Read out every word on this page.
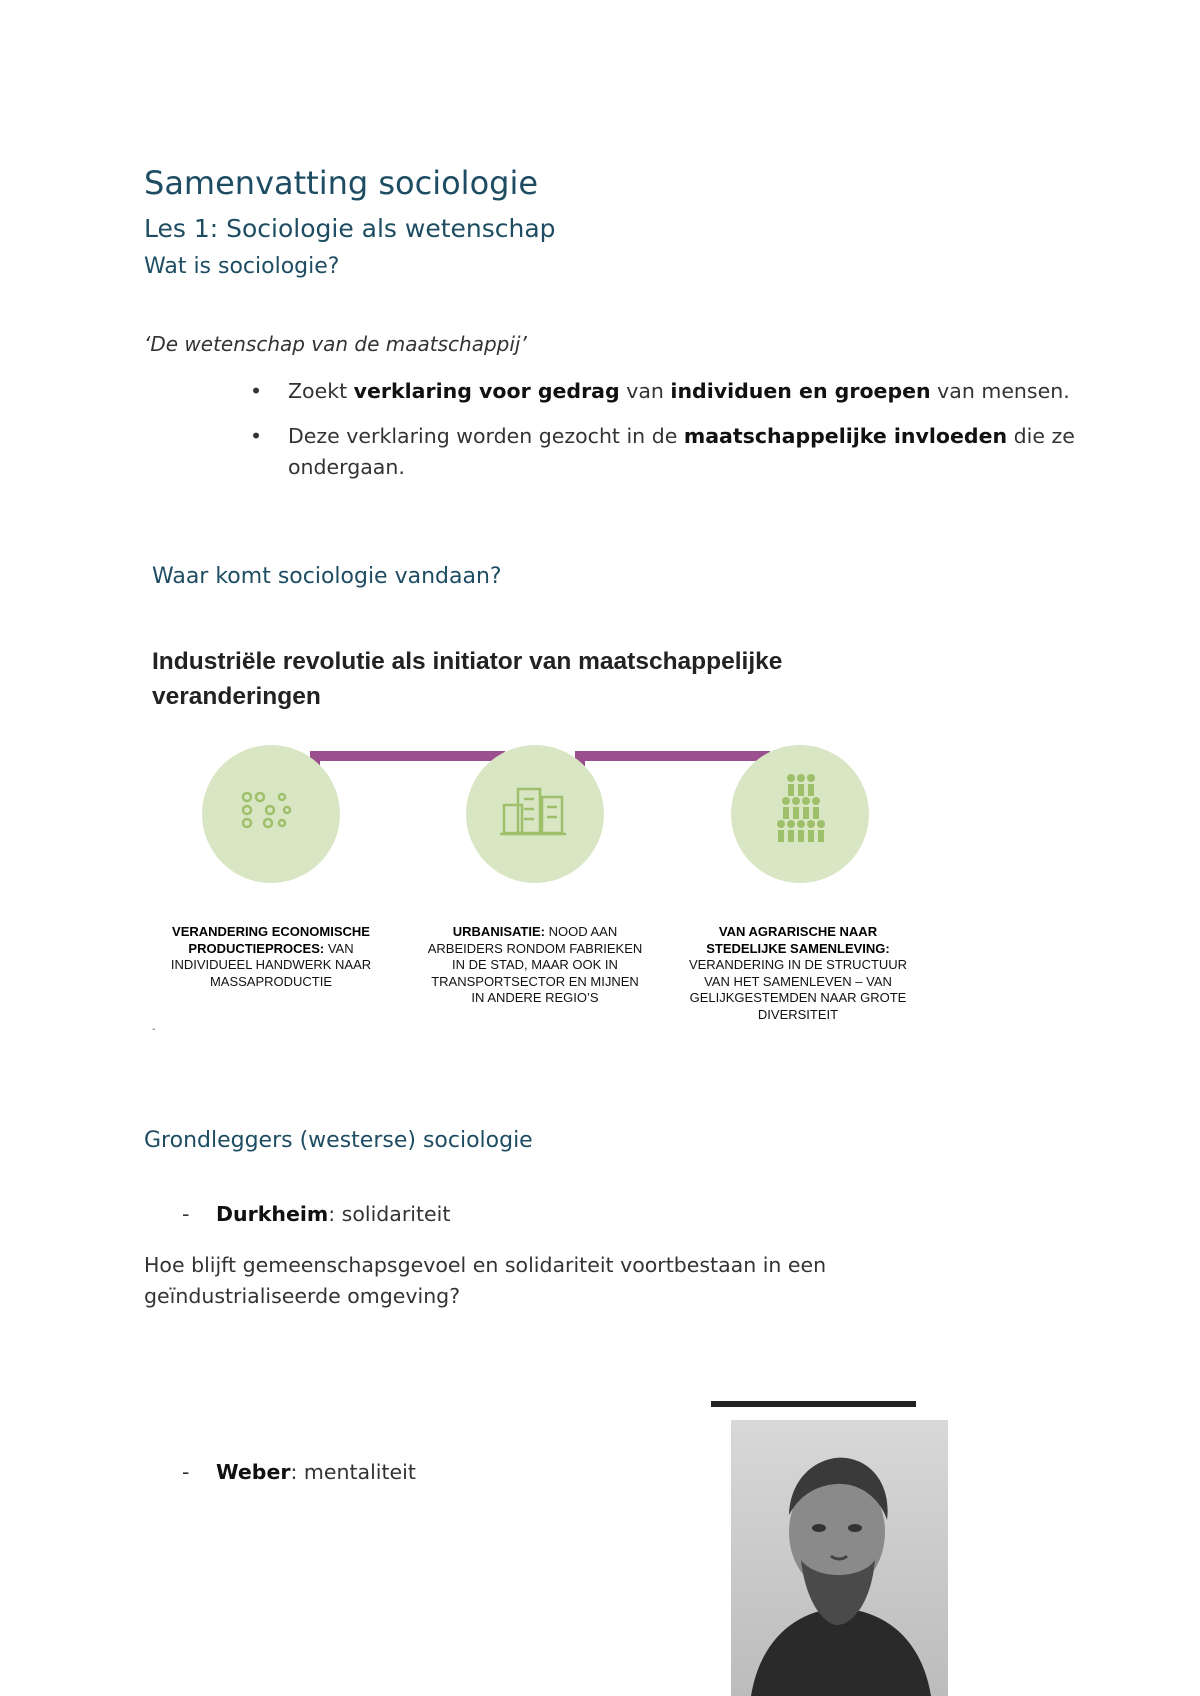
Samenvatting sociologie
Les 1: Sociologie als wetenschap
Wat is sociologie?
‘De wetenschap van de maatschappij’
• Zoekt verklaring voor gedrag van individuen en groepen van mensen.
• Deze verklaring worden gezocht in de maatschappelijke invloeden die ze ondergaan.
Waar komt sociologie vandaan?
Industriële revolutie als initiator van maatschappelijke veranderingen
VERANDERING ECONOMISCHE PRODUCTIEPROCES: VAN INDIVIDUEEL HANDWERK NAAR MASSAPRODUCTIE
URBANISATIE: NOOD AAN ARBEIDERS RONDOM FABRIEKEN IN DE STAD, MAAR OOK IN TRANSPORTSECTOR EN MIJNEN IN ANDERE REGIO’S
VAN AGRARISCHE NAAR STEDELIJKE SAMENLEVING: VERANDERING IN DE STRUCTUUR VAN HET SAMENLEVEN – VAN GELIJKGESTEMDEN NAAR GROTE DIVERSITEIT
-
Grondleggers (westerse) sociologie
- Durkheim: solidariteit
Hoe blijft gemeenschapsgevoel en solidariteit voortbestaan in een geïndustrialiseerde omgeving?
- Weber: mentaliteit
